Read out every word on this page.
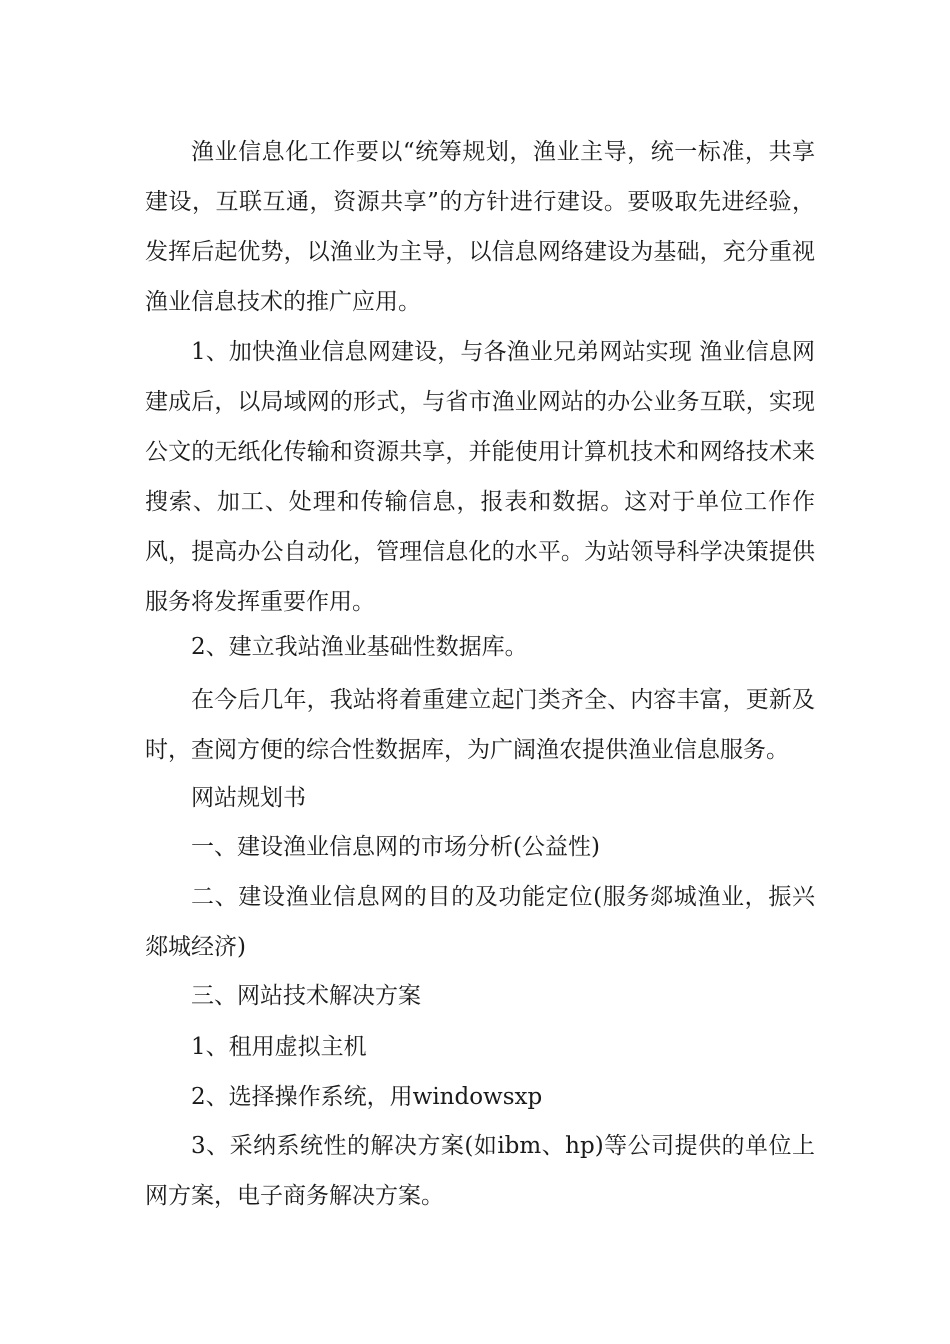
渔业信息化工作要以“统筹规划，渔业主导，统一标准，共享建设，互联互通，资源共享”的方针进行建设。要吸取先进经验，发挥后起优势，以渔业为主导，以信息网络建设为基础，充分重视渔业信息技术的推广应用。

1、加快渔业信息网建设，与各渔业兄弟网站实现 渔业信息网建成后，以局域网的形式，与省市渔业网站的办公业务互联，实现公文的无纸化传输和资源共享，并能使用计算机技术和网络技术来搜索、加工、处理和传输信息，报表和数据。这对于单位工作作风，提高办公自动化，管理信息化的水平。为站领导科学决策提供服务将发挥重要作用。

2、建立我站渔业基础性数据库。

在今后几年，我站将着重建立起门类齐全、内容丰富，更新及时，查阅方便的综合性数据库，为广阔渔农提供渔业信息服务。

网站规划书

一、建设渔业信息网的市场分析(公益性)

二、建设渔业信息网的目的及功能定位(服务郯城渔业，振兴郯城经济)

三、网站技术解决方案

1、租用虚拟主机

2、选择操作系统，用windowsxp

3、采纳系统性的解决方案(如ibm、hp)等公司提供的单位上网方案，电子商务解决方案。
